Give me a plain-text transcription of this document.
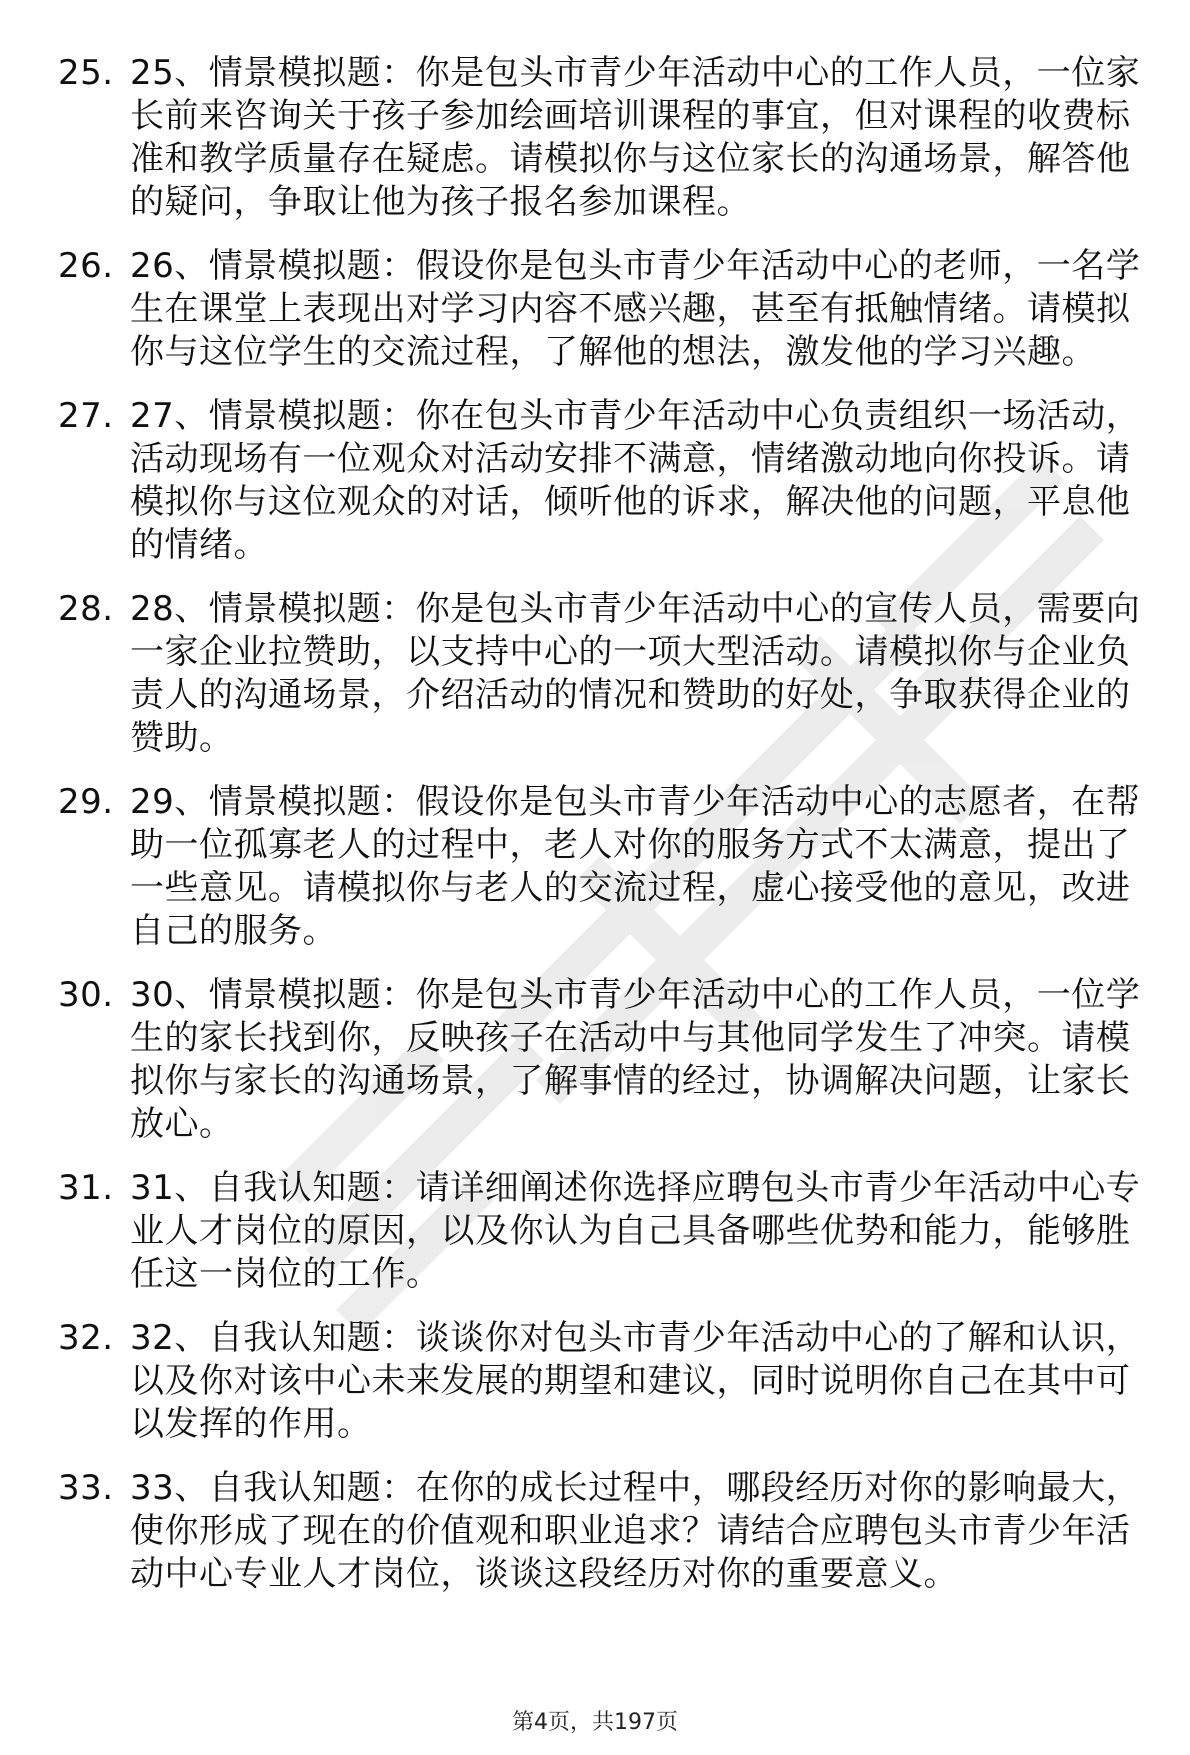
25. 25、情景模拟题：你是包头市青少年活动中心的工作人员，一位家长前来咨询关于孩子参加绘画培训课程的事宜，但对课程的收费标准和教学质量存在疑虑。请模拟你与这位家长的沟通场景，解答他的疑问，争取让他为孩子报名参加课程。
26. 26、情景模拟题：假设你是包头市青少年活动中心的老师，一名学生在课堂上表现出对学习内容不感兴趣，甚至有抵触情绪。请模拟你与这位学生的交流过程，了解他的想法，激发他的学习兴趣。
27. 27、情景模拟题：你在包头市青少年活动中心负责组织一场活动，活动现场有一位观众对活动安排不满意，情绪激动地向你投诉。请模拟你与这位观众的对话，倾听他的诉求，解决他的问题，平息他的情绪。
28. 28、情景模拟题：你是包头市青少年活动中心的宣传人员，需要向一家企业拉赞助，以支持中心的一项大型活动。请模拟你与企业负责人的沟通场景，介绍活动的情况和赞助的好处，争取获得企业的赞助。
29. 29、情景模拟题：假设你是包头市青少年活动中心的志愿者，在帮助一位孤寡老人的过程中，老人对你的服务方式不太满意，提出了一些意见。请模拟你与老人的交流过程，虚心接受他的意见，改进自己的服务。
30. 30、情景模拟题：你是包头市青少年活动中心的工作人员，一位学生的家长找到你，反映孩子在活动中与其他同学发生了冲突。请模拟你与家长的沟通场景，了解事情的经过，协调解决问题，让家长放心。
31. 31、自我认知题：请详细阐述你选择应聘包头市青少年活动中心专业人才岗位的原因，以及你认为自己具备哪些优势和能力，能够胜任这一岗位的工作。
32. 32、自我认知题：谈谈你对包头市青少年活动中心的了解和认识，以及你对该中心未来发展的期望和建议，同时说明你自己在其中可以发挥的作用。
33. 33、自我认知题：在你的成长过程中，哪段经历对你的影响最大，使你形成了现在的价值观和职业追求？请结合应聘包头市青少年活动中心专业人才岗位，谈谈这段经历对你的重要意义。
第4页，共197页
